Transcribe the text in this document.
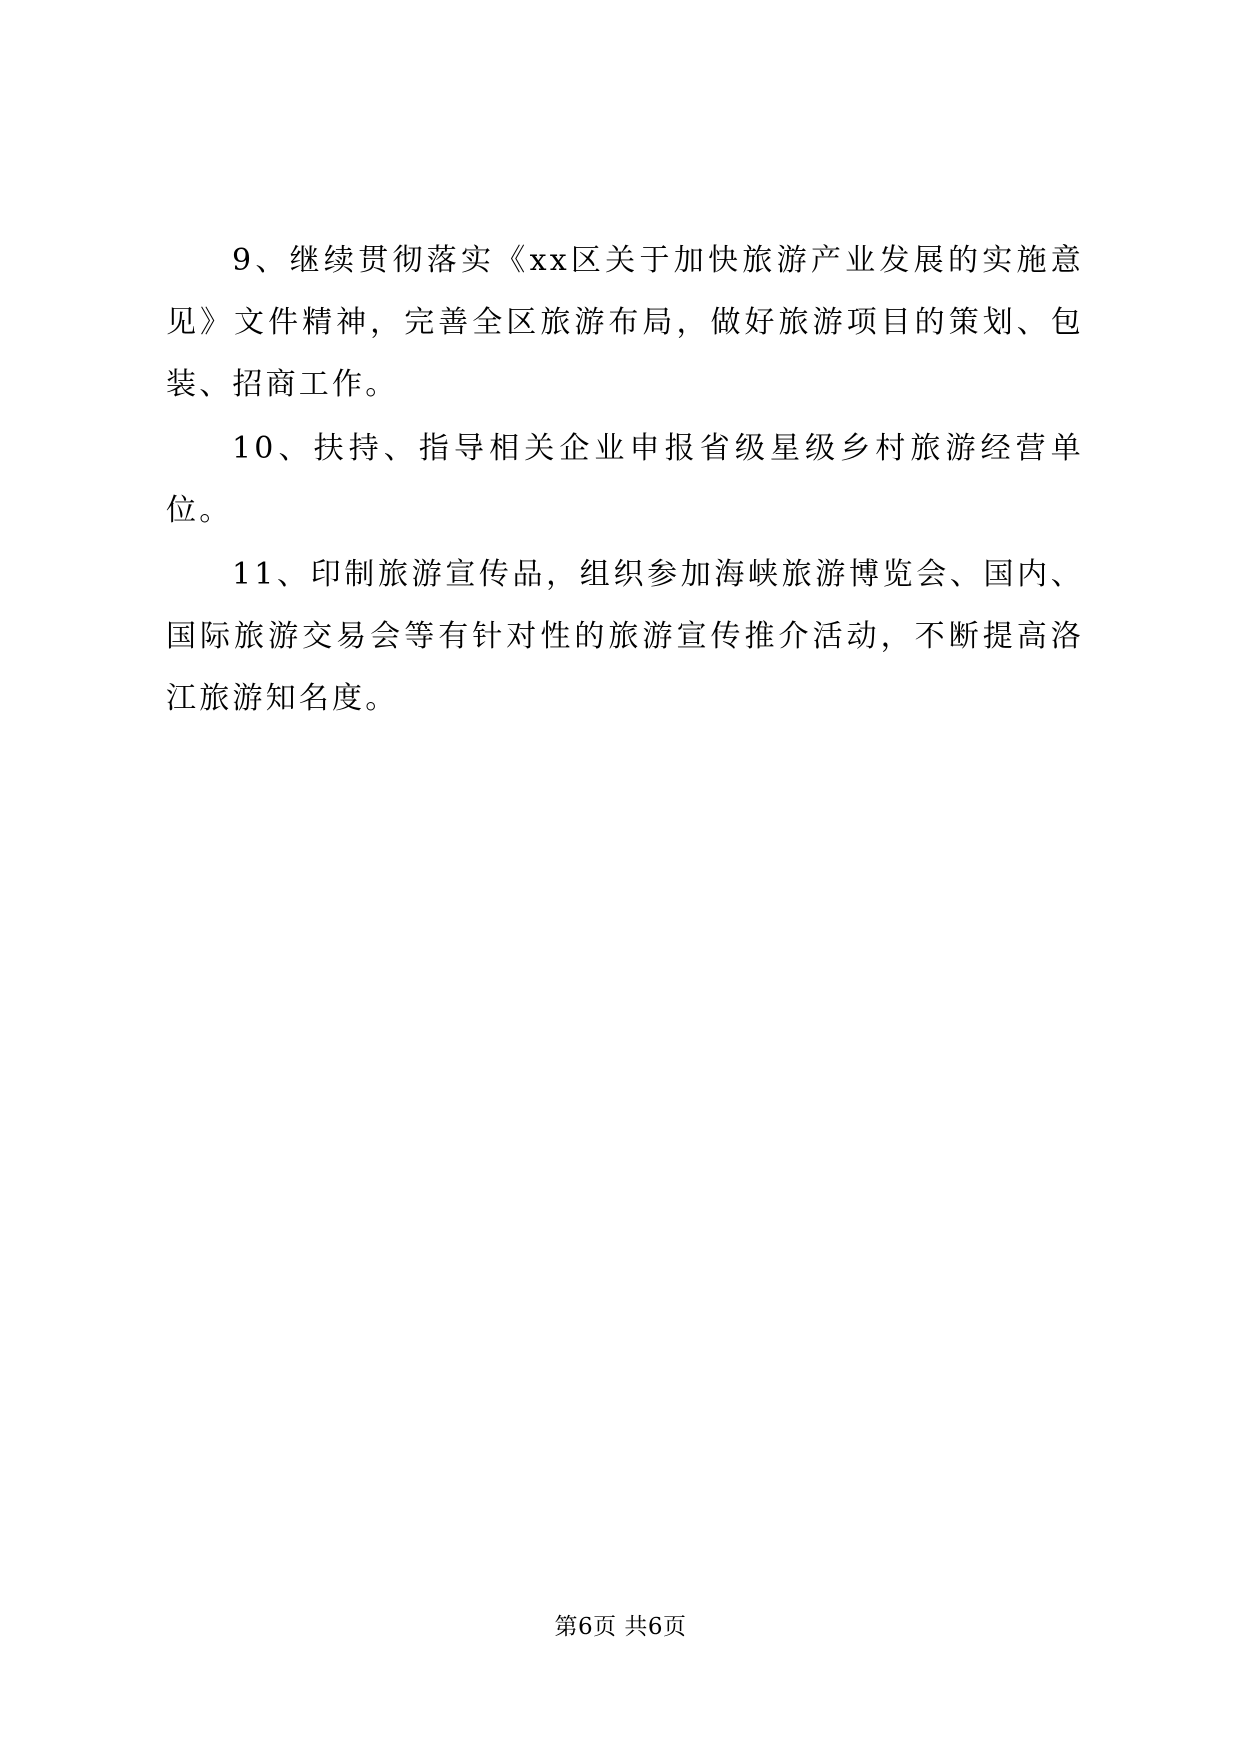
9、继续贯彻落实《xx区关于加快旅游产业发展的实施意见》文件精神，完善全区旅游布局，做好旅游项目的策划、包装、招商工作。

10、扶持、指导相关企业申报省级星级乡村旅游经营单位。

11、印制旅游宣传品，组织参加海峡旅游博览会、国内、国际旅游交易会等有针对性的旅游宣传推介活动，不断提高洛江旅游知名度。

第6页 共6页
